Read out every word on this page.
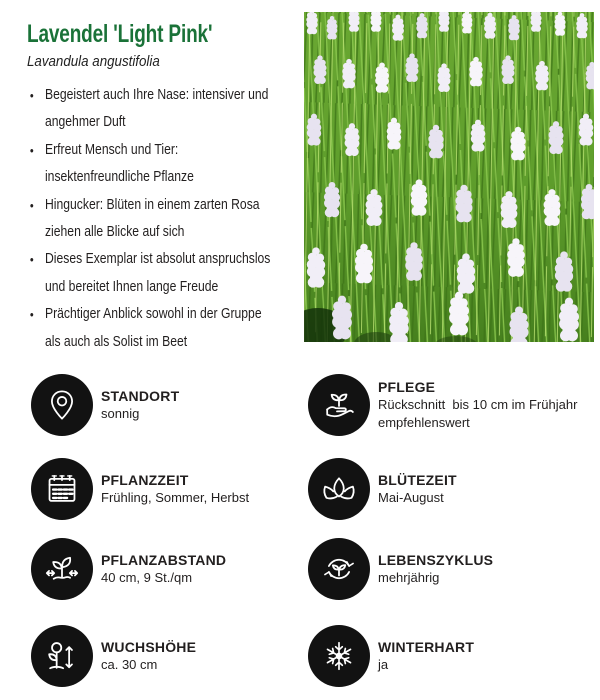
Lavendel 'Light Pink'

Lavandula angustifolia

• Begeistert auch Ihre Nase: intensiver und
angehmer Duft
• Erfreut Mensch und Tier:
insektenfreundliche Pflanze
• Hingucker: Blüten in einem zarten Rosa
ziehen alle Blicke auf sich
• Dieses Exemplar ist absolut anspruchslos
und bereitet Ihnen lange Freude
• Prächtiger Anblick sowohl in der Gruppe
als auch als Solist im Beet
STANDORT
sonnig
PFLEGE
Rückschnitt  bis 10 cm im Frühjahr
empfehlenswert
PFLANZZEIT
Frühling, Sommer, Herbst
BLÜTEZEIT
Mai-August
PFLANZABSTAND
40 cm, 9 St./qm
LEBENSZYKLUS
mehrjährig
WUCHSHÖHE
ca. 30 cm
WINTERHART
ja
